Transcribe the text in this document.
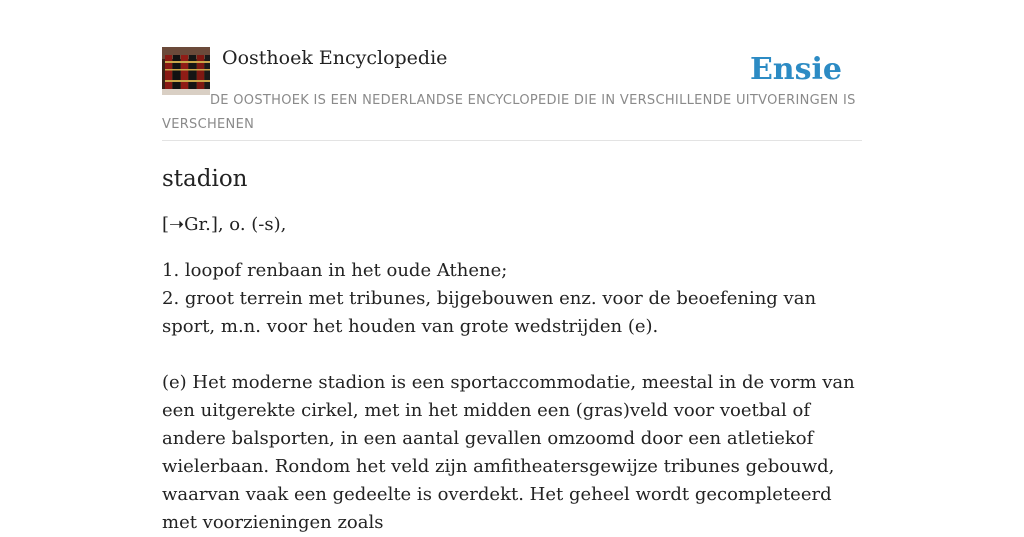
Oosthoek Encyclopedie	Ensie
DE OOSTHOEK IS EEN NEDERLANDSE ENCYCLOPEDIE DIE IN VERSCHILLENDE UITVOERINGEN IS VERSCHENEN
stadion

[➝Gr.], o. (-s),

1. loopof renbaan in het oude Athene;
2. groot terrein met tribunes, bijgebouwen enz. voor de beoefening van sport, m.n. voor het houden van grote wedstrijden (e).

(e) Het moderne stadion is een sportaccommodatie, meestal in de vorm van een uitgerekte cirkel, met in het midden een (gras)veld voor voetbal of andere balsporten, in een aantal gevallen omzoomd door een atletiekof wielerbaan. Rondom het veld zijn amfitheatersgewijze tribunes gebouwd, waarvan vaak een gedeelte is overdekt. Het geheel wordt gecompleteerd met voorzieningen zoals
